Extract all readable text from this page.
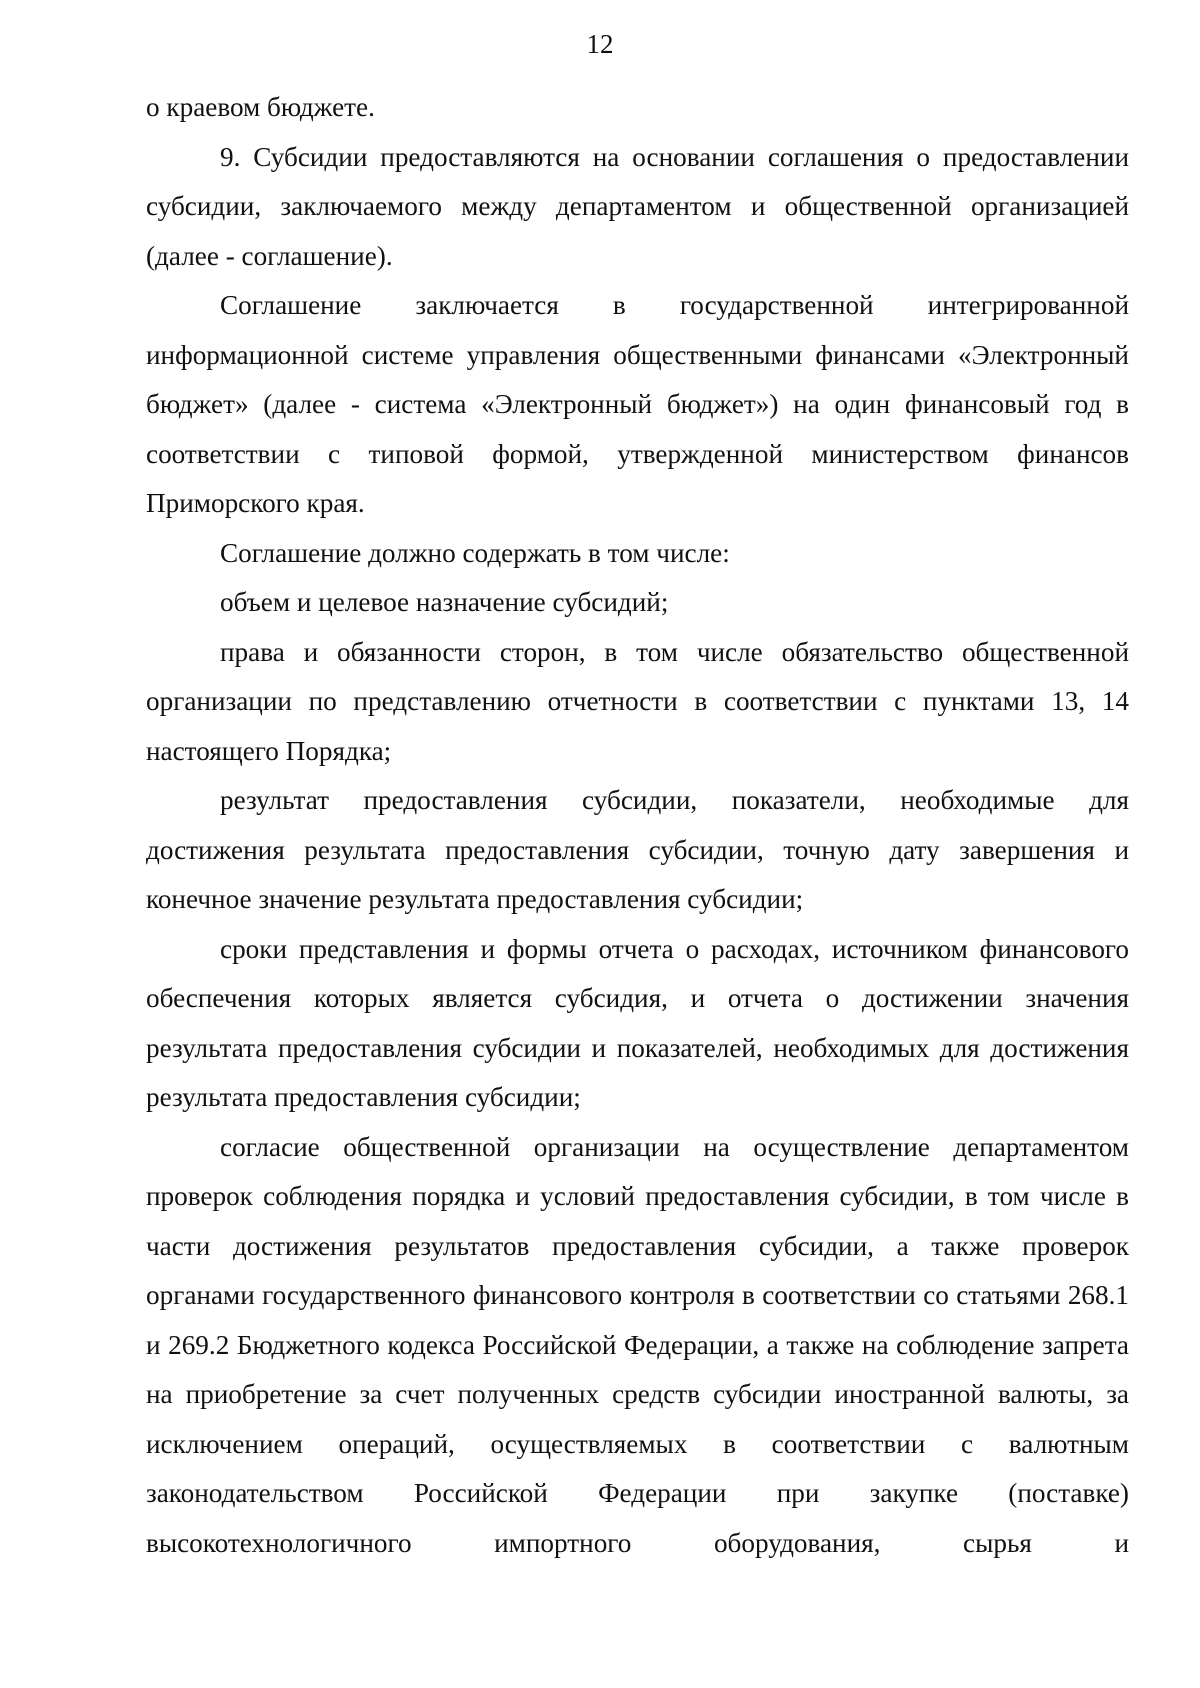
12

о краевом бюджете.

9. Субсидии предоставляются на основании соглашения о предоставлении субсидии, заключаемого между департаментом и общественной организацией (далее - соглашение).

Соглашение заключается в государственной интегрированной информационной системе управления общественными финансами «Электронный бюджет» (далее - система «Электронный бюджет») на один финансовый год в соответствии с типовой формой, утвержденной министерством финансов Приморского края.

Соглашение должно содержать в том числе:

объем и целевое назначение субсидий;

права и обязанности сторон, в том числе обязательство общественной организации по представлению отчетности в соответствии с пунктами 13, 14 настоящего Порядка;

результат предоставления субсидии, показатели, необходимые для достижения результата предоставления субсидии, точную дату завершения и конечное значение результата предоставления субсидии;

сроки представления и формы отчета о расходах, источником финансового обеспечения которых является субсидия, и отчета о достижении значения результата предоставления субсидии и показателей, необходимых для достижения результата предоставления субсидии;

согласие общественной организации на осуществление департаментом проверок соблюдения порядка и условий предоставления субсидии, в том числе в части достижения результатов предоставления субсидии, а также проверок органами государственного финансового контроля в соответствии со статьями 268.1 и 269.2 Бюджетного кодекса Российской Федерации, а также на соблюдение запрета на приобретение за счет полученных средств субсидии иностранной валюты, за исключением операций, осуществляемых в соответствии с валютным законодательством Российской Федерации при закупке (поставке) высокотехнологичного импортного оборудования, сырья и
